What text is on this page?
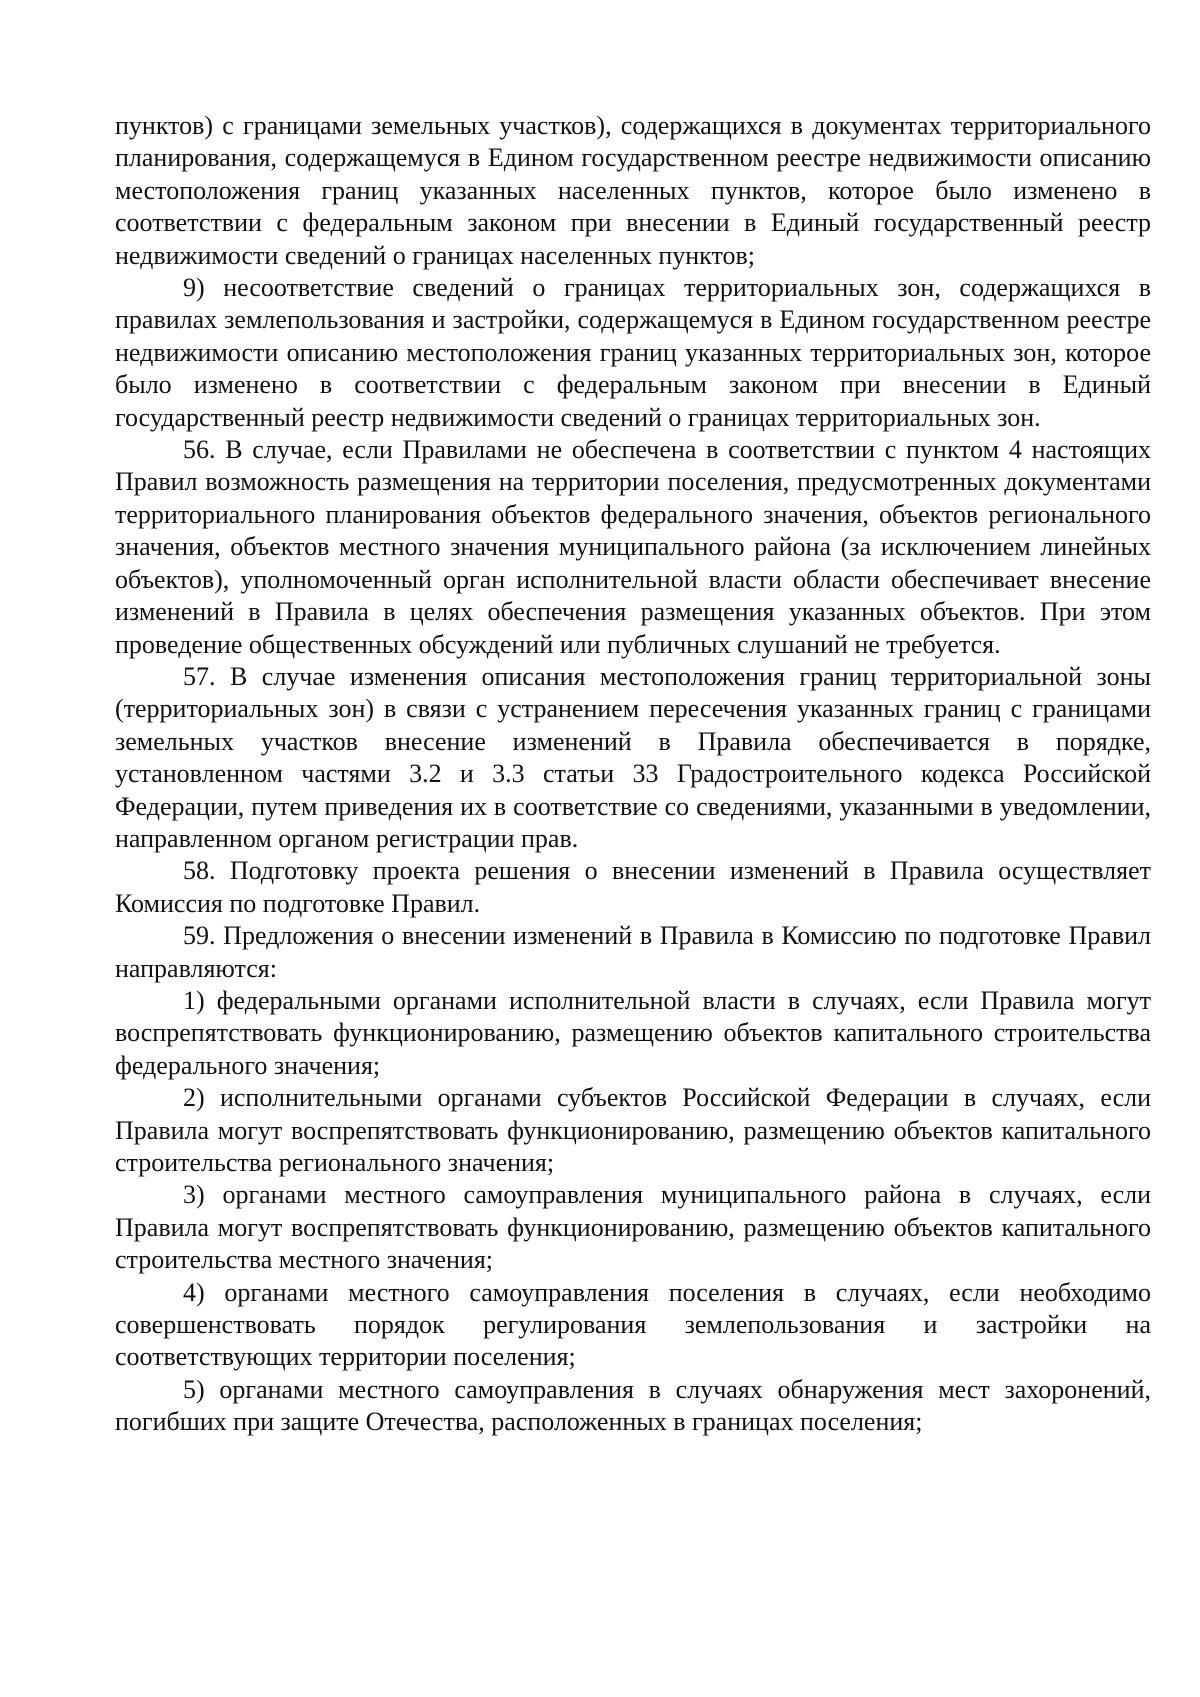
пунктов) с границами земельных участков), содержащихся в документах территориального планирования, содержащемуся в Едином государственном реестре недвижимости описанию местоположения границ указанных населенных пунктов, которое было изменено в соответствии с федеральным законом при внесении в Единый государственный реестр недвижимости сведений о границах населенных пунктов;

9) несоответствие сведений о границах территориальных зон, содержащихся в правилах землепользования и застройки, содержащемуся в Едином государственном реестре недвижимости описанию местоположения границ указанных территориальных зон, которое было изменено в соответствии с федеральным законом при внесении в Единый государственный реестр недвижимости сведений о границах территориальных зон.

56. В случае, если Правилами не обеспечена в соответствии с пунктом 4 настоящих Правил возможность размещения на территории поселения, предусмотренных документами территориального планирования объектов федерального значения, объектов регионального значения, объектов местного значения муниципального района (за исключением линейных объектов), уполномоченный орган исполнительной власти области обеспечивает внесение изменений в Правила в целях обеспечения размещения указанных объектов. При этом проведение общественных обсуждений или публичных слушаний не требуется.

57. В случае изменения описания местоположения границ территориальной зоны (территориальных зон) в связи с устранением пересечения указанных границ с границами земельных участков внесение изменений в Правила обеспечивается в порядке, установленном частями 3.2 и 3.3 статьи 33 Градостроительного кодекса Российской Федерации, путем приведения их в соответствие со сведениями, указанными в уведомлении, направленном органом регистрации прав.

58. Подготовку проекта решения о внесении изменений в Правила осуществляет Комиссия по подготовке Правил.

59. Предложения о внесении изменений в Правила в Комиссию по подготовке Правил направляются:

1) федеральными органами исполнительной власти в случаях, если Правила могут воспрепятствовать функционированию, размещению объектов капитального строительства федерального значения;

2) исполнительными органами субъектов Российской Федерации в случаях, если Правила могут воспрепятствовать функционированию, размещению объектов капитального строительства регионального значения;

3) органами местного самоуправления муниципального района в случаях, если Правила могут воспрепятствовать функционированию, размещению объектов капитального строительства местного значения;

4) органами местного самоуправления поселения в случаях, если необходимо совершенствовать порядок регулирования землепользования и застройки на соответствующих территории поселения;

5) органами местного самоуправления в случаях обнаружения мест захоронений, погибших при защите Отечества, расположенных в границах поселения;
